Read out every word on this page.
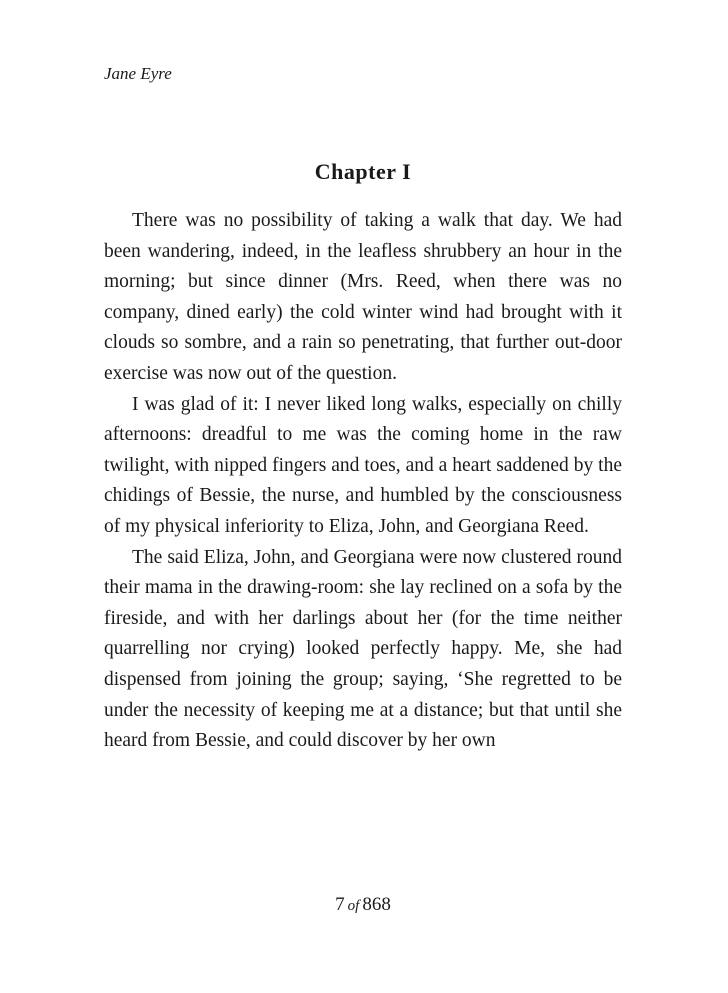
Jane Eyre
Chapter I

There was no possibility of taking a walk that day. We had been wandering, indeed, in the leafless shrubbery an hour in the morning; but since dinner (Mrs. Reed, when there was no company, dined early) the cold winter wind had brought with it clouds so sombre, and a rain so penetrating, that further out-door exercise was now out of the question.

I was glad of it: I never liked long walks, especially on chilly afternoons: dreadful to me was the coming home in the raw twilight, with nipped fingers and toes, and a heart saddened by the chidings of Bessie, the nurse, and humbled by the consciousness of my physical inferiority to Eliza, John, and Georgiana Reed.

The said Eliza, John, and Georgiana were now clustered round their mama in the drawing-room: she lay reclined on a sofa by the fireside, and with her darlings about her (for the time neither quarrelling nor crying) looked perfectly happy. Me, she had dispensed from joining the group; saying, ‘She regretted to be under the necessity of keeping me at a distance; but that until she heard from Bessie, and could discover by her own

7 of 868
